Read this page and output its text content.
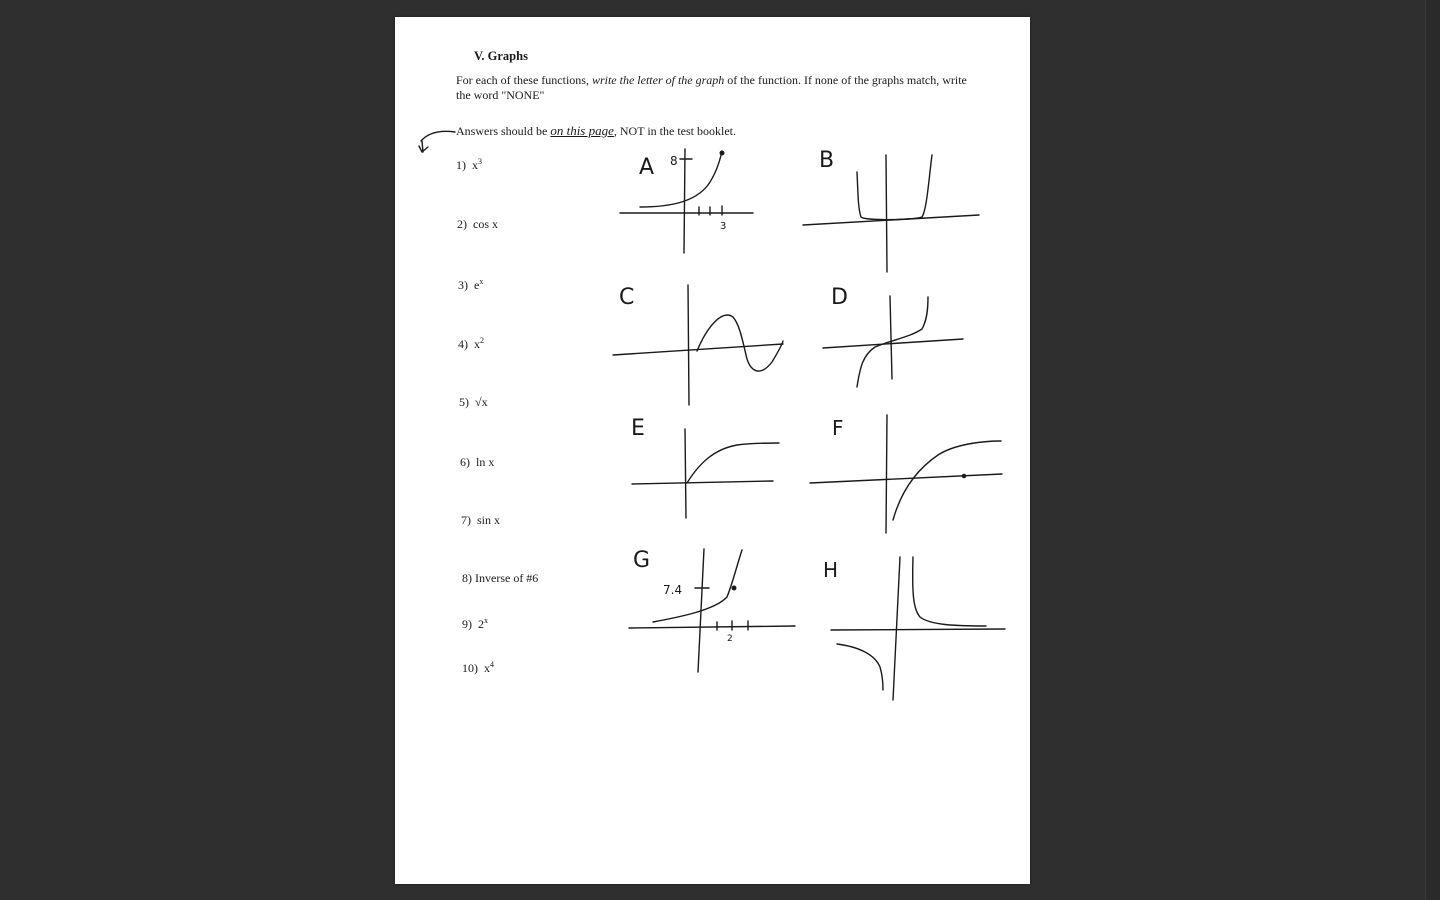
V. Graphs
For each of these functions, write the letter of the graph of the function. If none of the graphs match, write the word "NONE"
Answers should be on this page, NOT in the test booklet.
1) $x^3$
2) cos x
3) $e^x$
4) $x^2$
5) √x
6) ln x
7) sin x
8) Inverse of #6
9) 2$^x$
10) $x^4$
A 8
3
B
C	D
E	F
G
7.4
2
H
